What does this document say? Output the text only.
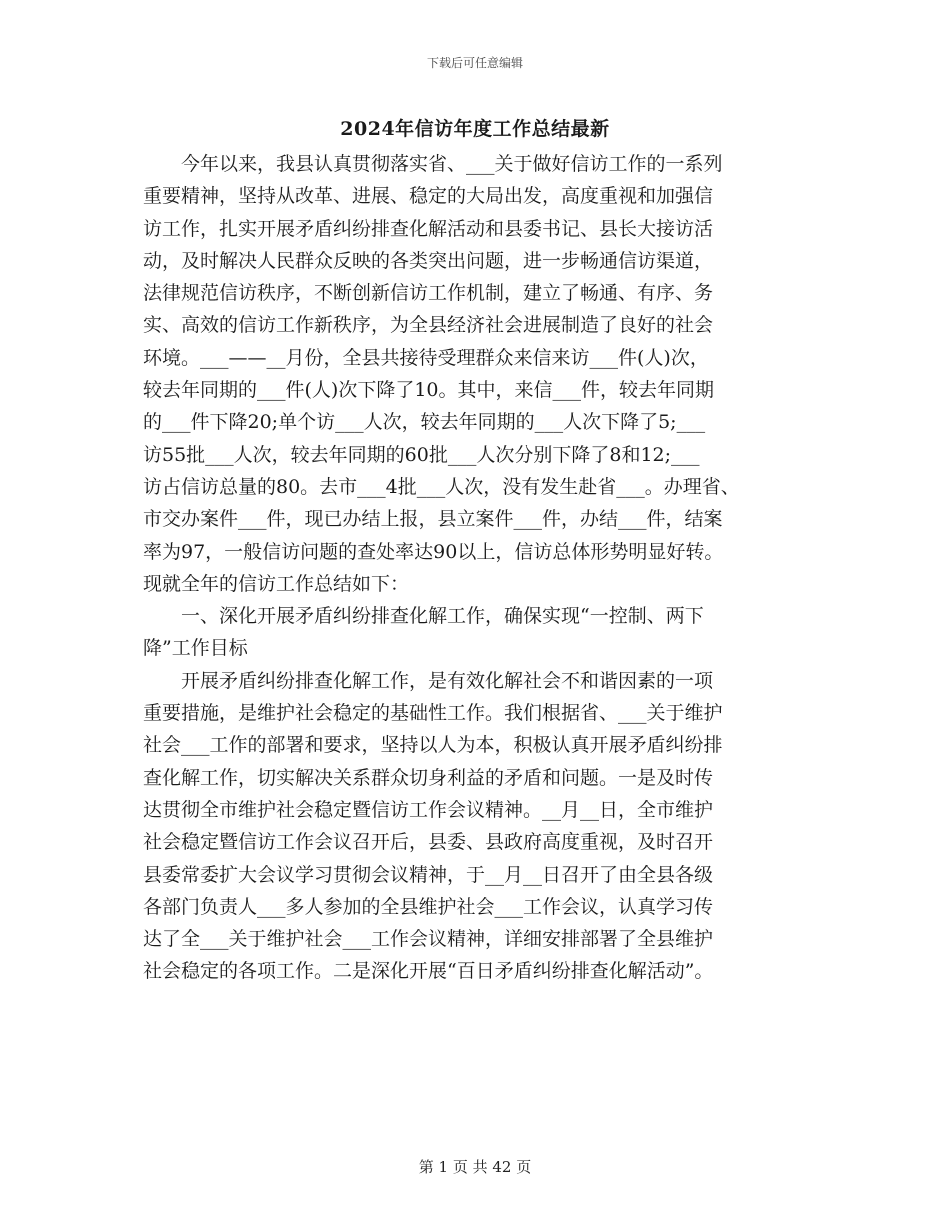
下载后可任意编辑
2024年信访年度工作总结最新
　　今年以来，我县认真贯彻落实省、___关于做好信访工作的一系列
重要精神，坚持从改革、进展、稳定的大局出发，高度重视和加强信
访工作，扎实开展矛盾纠纷排查化解活动和县委书记、县长大接访活
动，及时解决人民群众反映的各类突出问题，进一步畅通信访渠道，
法律规范信访秩序，不断创新信访工作机制，建立了畅通、有序、务
实、高效的信访工作新秩序，为全县经济社会进展制造了良好的社会
环境。___——__月份，全县共接待受理群众来信来访___件(人)次，
较去年同期的___件(人)次下降了10。其中，来信___件，较去年同期
的___件下降20;单个访___人次，较去年同期的___人次下降了5;___
访55批___人次，较去年同期的60批___人次分别下降了8和12;___
访占信访总量的80。去市___4批___人次，没有发生赴省___。办理省、
市交办案件___件，现已办结上报，县立案件___件，办结___件，结案
率为97，一般信访问题的查处率达90以上，信访总体形势明显好转。
现就全年的信访工作总结如下：
　　一、深化开展矛盾纠纷排查化解工作，确保实现“一控制、两下
降”工作目标
　　开展矛盾纠纷排查化解工作，是有效化解社会不和谐因素的一项
重要措施，是维护社会稳定的基础性工作。我们根据省、___关于维护
社会___工作的部署和要求，坚持以人为本，积极认真开展矛盾纠纷排
查化解工作，切实解决关系群众切身利益的矛盾和问题。一是及时传
达贯彻全市维护社会稳定暨信访工作会议精神。__月__日，全市维护
社会稳定暨信访工作会议召开后，县委、县政府高度重视，及时召开
县委常委扩大会议学习贯彻会议精神，于__月__日召开了由全县各级
各部门负责人___多人参加的全县维护社会___工作会议，认真学习传
达了全___关于维护社会___工作会议精神，详细安排部署了全县维护
社会稳定的各项工作。二是深化开展“百日矛盾纠纷排查化解活动”。
第 1 页 共 42 页
